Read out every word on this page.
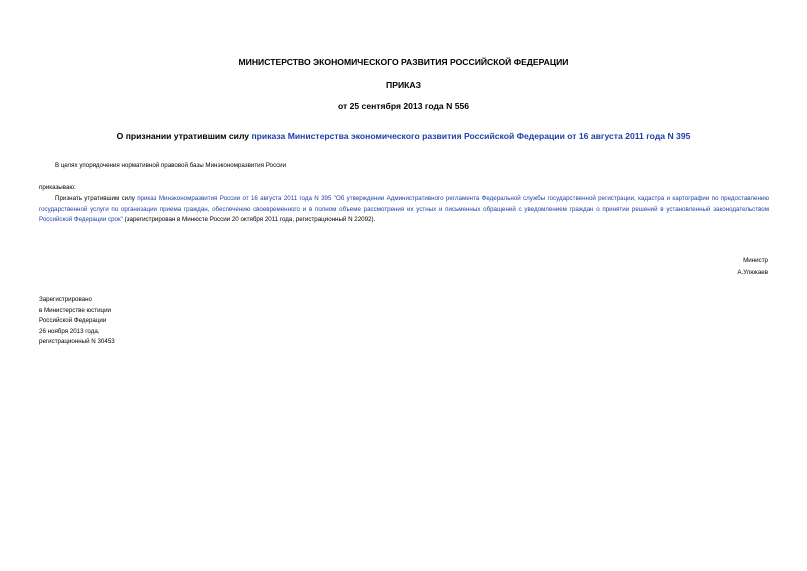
МИНИСТЕРСТВО ЭКОНОМИЧЕСКОГО РАЗВИТИЯ РОССИЙСКОЙ ФЕДЕРАЦИИ
ПРИКАЗ
от 25 сентября 2013 года N 556
О признании утратившим силу приказа Министерства экономического развития Российской Федерации от 16 августа 2011 года N 395
В целях упорядочения нормативной правовой базы Минэкономразвития России
приказываю:
Признать утратившим силу приказ Минэкономразвития России от 16 августа 2011 года N 395 "Об утверждении Административного регламента Федеральной службы государственной регистрации, кадастра и картографии по предоставлению государственной услуги по организации приема граждан, обеспечению своевременного и в полном объеме рассмотрения их устных и письменных обращений с уведомлением граждан о принятии решений в установленный законодательством Российской Федерации срок" (зарегистрирован в Минюсте России 20 октября 2011 года, регистрационный N 22092).
Министр
А.Улюкаев
Зарегистрировано
в Министерстве юстиции
Российской Федерации
26 ноября 2013 года,
регистрационный N 30453
